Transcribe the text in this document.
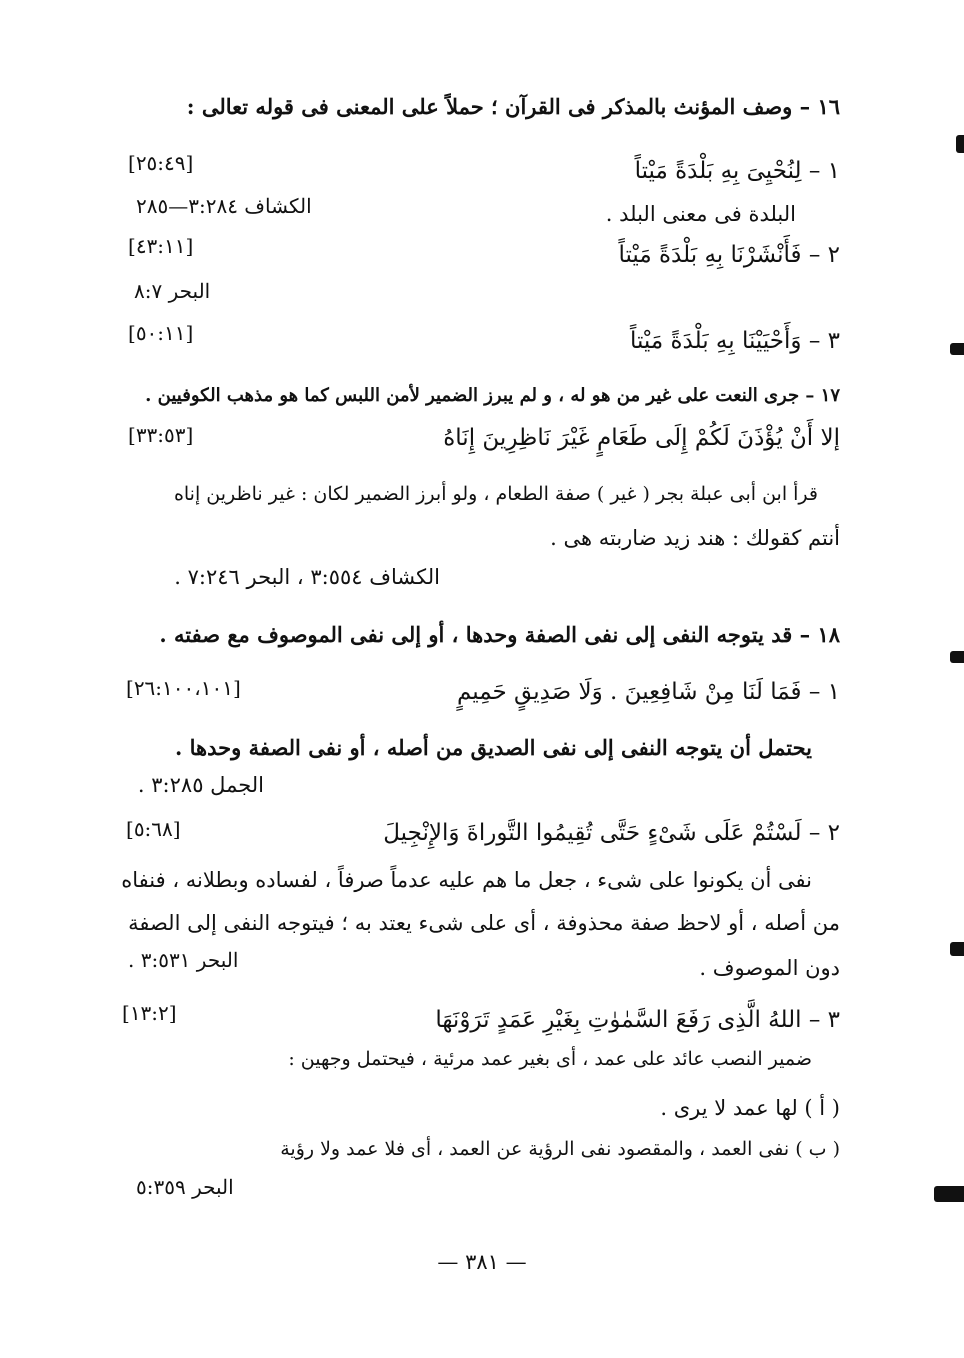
١٦ – وصف المؤنث بالمذكر فى القرآن ؛ حملاً على المعنى فى قوله تعالى :
١ – لِنُحْيِىَ بِهِ بَلْدَةً مَيْتاً
[٢٥:٤٩]
الكشاف ٣:٢٨٤—٢٨٥	البلدة فى معنى البلد .
٢ – فَأَنْشَرْنَا بِهِ بَلْدَةً مَيْتاً
[٤٣:١١]
البحر ٨:٧
٣ – وَأَحْيَيْنَا بِهِ بَلْدَةً مَيْتاً
[٥٠:١١]
١٧ – جرى النعت على غير من هو له ، و لم يبرز الضمير لأمن اللبس كما هو مذهب الكوفيين .
إلا أَنْ يُؤْذَنَ لَكُمْ إِلَى طَعَامٍ غَيْرَ نَاظِرِينَ إِنَاهُ
[٣٣:٥٣]
قرأ ابن أبى عبلة بجر ( غير ) صفة الطعام ، ولو أبرز الضمير لكان : غير ناظرين إناه
أنتم كقولك : هند زيد ضاربته هى .
الكشاف ٣:٥٥٤ ، البحر ٧:٢٤٦ .
١٨ – قد يتوجه النفى إلى نفى الصفة وحدها ، أو إلى نفى الموصوف مع صفته .
١ – فَمَا لَنَا مِنْ شَافِعِينَ . وَلَا صَدِيقٍ حَمِيمٍ
[٢٦:١٠٠،١٠١]
يحتمل أن يتوجه النفى إلى نفى الصديق من أصله ، أو نفى الصفة وحدها .
الجمل ٣:٢٨٥ .
٢ – لَسْتُمْ عَلَى شَىْءٍ حَتَّى تُقِيمُوا التَّوراةَ وَالإِنْجِيلَ
[٥:٦٨]
نفى أن يكونوا على شىء ، جعل ما هم عليه عدماً صرفاً ، لفساده وبطلانه ، فنفاه
من أصله ، أو لاحظ صفة محذوفة ، أى على شىء يعتد به ؛ فيتوجه النفى إلى الصفة
دون الموصوف .
البحر ٣:٥٣١ .
٣ – اللهُ الَّذِى رَفَعَ السَّمٰوٰتِ بِغَيْرِ عَمَدٍ تَرَوْنَهَا
[١٣:٢]
ضمير النصب عائد على عمد ، أى بغير عمد مرئية ، فيحتمل وجهين :
( أ ) لها عمد لا يرى .
( ب ) نفى العمد ، والمقصود نفى الرؤية عن العمد ، أى فلا عمد ولا رؤية
البحر ٥:٣٥٩
— ٣٨١ —
